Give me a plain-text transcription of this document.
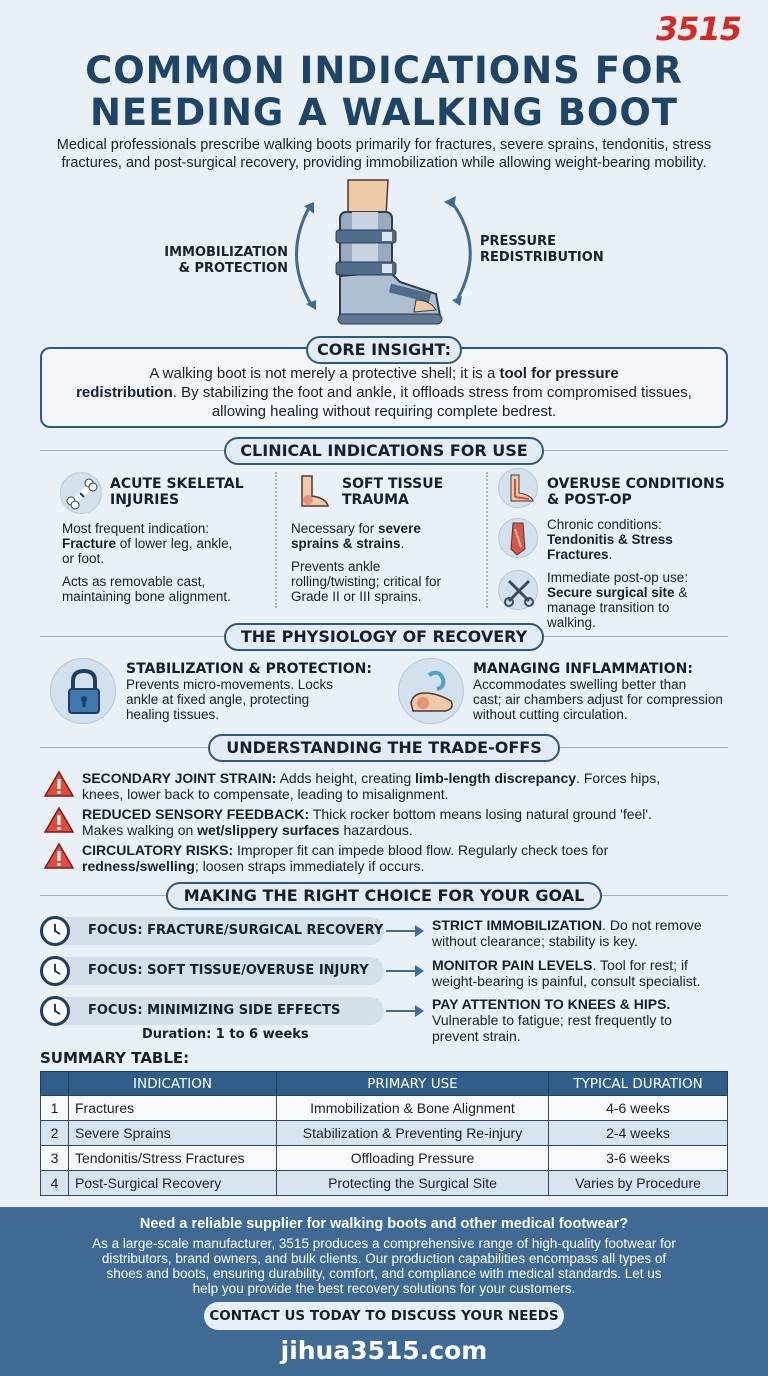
3515
COMMON INDICATIONS FOR
NEEDING A WALKING BOOT
Medical professionals prescribe walking boots primarily for fractures, severe sprains, tendonitis, stress
fractures, and post-surgical recovery, providing immobilization while allowing weight-bearing mobility.
IMMOBILIZATION
& PROTECTION
PRESSURE
REDISTRIBUTION
CORE INSIGHT:
A walking boot is not merely a protective shell; it is a tool for pressure
redistribution. By stabilizing the foot and ankle, it offloads stress from compromised tissues,
allowing healing without requiring complete bedrest.
CLINICAL INDICATIONS FOR USE
ACUTE SKELETAL
INJURIES
Most frequent indication:
Fracture of lower leg, ankle,
or foot.
Acts as removable cast,
maintaining bone alignment.
SOFT TISSUE
TRAUMA
Necessary for severe
sprains & strains.
Prevents ankle
rolling/twisting; critical for
Grade II or III sprains.
OVERUSE CONDITIONS
& POST-OP
Chronic conditions:
Tendonitis & Stress
Fractures.
Immediate post-op use:
Secure surgical site &
manage transition to
walking.
THE PHYSIOLOGY OF RECOVERY
STABILIZATION & PROTECTION:
Prevents micro-movements. Locks
ankle at fixed angle, protecting
healing tissues.
MANAGING INFLAMMATION:
Accommodates swelling better than
cast; air chambers adjust for compression
without cutting circulation.
UNDERSTANDING THE TRADE-OFFS
SECONDARY JOINT STRAIN: Adds height, creating limb-length discrepancy. Forces hips,
knees, lower back to compensate, leading to misalignment.
REDUCED SENSORY FEEDBACK: Thick rocker bottom means losing natural ground 'feel'.
Makes walking on wet/slippery surfaces hazardous.
CIRCULATORY RISKS: Improper fit can impede blood flow. Regularly check toes for
redness/swelling; loosen straps immediately if occurs.
MAKING THE RIGHT CHOICE FOR YOUR GOAL
FOCUS: FRACTURE/SURGICAL RECOVERY	STRICT IMMOBILIZATION. Do not remove
without clearance; stability is key.
FOCUS: SOFT TISSUE/OVERUSE INJURY	MONITOR PAIN LEVELS. Tool for rest; if
weight-bearing is painful, consult specialist.
FOCUS: MINIMIZING SIDE EFFECTS	PAY ATTENTION TO KNEES & HIPS.
Vulnerable to fatigue; rest frequently to
prevent strain.
Duration: 1 to 6 weeks
SUMMARY TABLE:
	INDICATION	PRIMARY USE	TYPICAL DURATION
1	Fractures	Immobilization & Bone Alignment	4-6 weeks
2	Severe Sprains	Stabilization & Preventing Re-injury	2-4 weeks
3	Tendonitis/Stress Fractures	Offloading Pressure	3-6 weeks
4	Post-Surgical Recovery	Protecting the Surgical Site	Varies by Procedure
Need a reliable supplier for walking boots and other medical footwear?
As a large-scale manufacturer, 3515 produces a comprehensive range of high-quality footwear for
distributors, brand owners, and bulk clients. Our production capabilities encompass all types of
shoes and boots, ensuring durability, comfort, and compliance with medical standards. Let us
help you provide the best recovery solutions for your customers.
CONTACT US TODAY TO DISCUSS YOUR NEEDS
jihua3515.com
